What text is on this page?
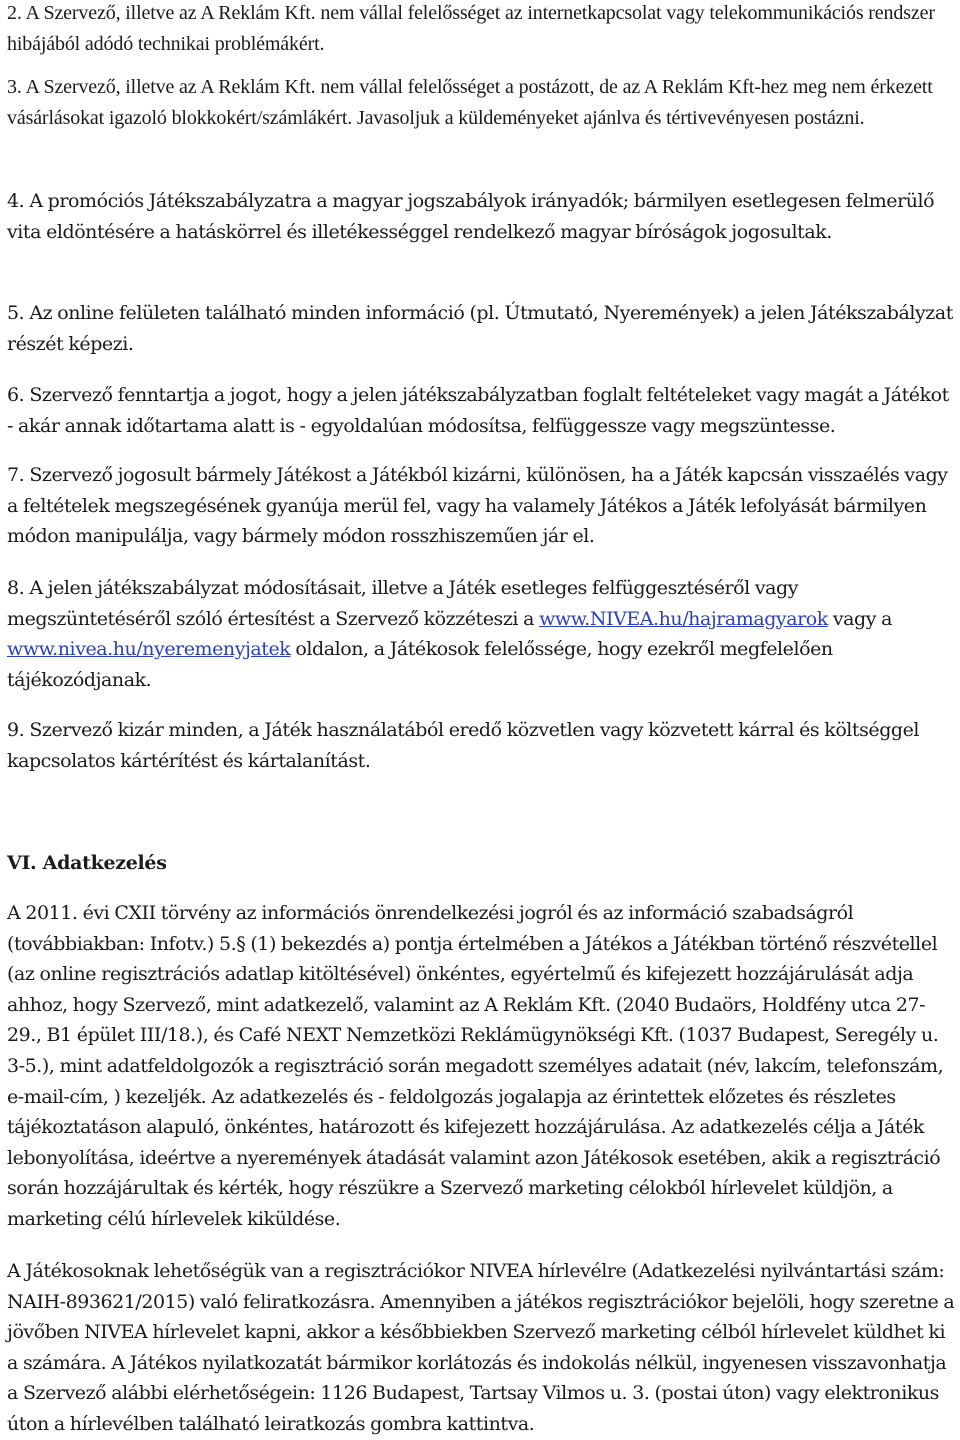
2. A Szervező, illetve az A Reklám Kft. nem vállal felelősséget az internetkapcsolat vagy telekommunikációs rendszer hibájából adódó technikai problémákért.

3. A Szervező, illetve az A Reklám Kft. nem vállal felelősséget a postázott, de az A Reklám Kft-hez meg nem érkezett vásárlásokat igazoló blokkokért/számlákért. Javasoljuk a küldeményeket ajánlva és tértivevényesen postázni.

4. A promóciós Játékszabályzatra a magyar jogszabályok irányadók; bármilyen esetlegesen felmerülő vita eldöntésére a hatáskörrel és illetékességgel rendelkező magyar bíróságok jogosultak.

5. Az online felületen található minden információ (pl. Útmutató, Nyeremények) a jelen Játékszabályzat részét képezi.

6. Szervező fenntartja a jogot, hogy a jelen játékszabályzatban foglalt feltételeket vagy magát a Játékot - akár annak időtartama alatt is - egyoldalúan módosítsa, felfüggessze vagy megszüntesse.

7. Szervező jogosult bármely Játékost a Játékból kizárni, különösen, ha a Játék kapcsán visszaélés vagy a feltételek megszegésének gyanúja merül fel, vagy ha valamely Játékos a Játék lefolyását bármilyen módon manipulálja, vagy bármely módon rosszhiszeműen jár el.

8. A jelen játékszabályzat módosításait, illetve a Játék esetleges felfüggesztéséről vagy megszüntetéséről szóló értesítést a Szervező közzéteszi a www.NIVEA.hu/hajramagyarok vagy a www.nivea.hu/nyeremenyjatek oldalon, a Játékosok felelőssége, hogy ezekről megfelelően tájékozódjanak.

9. Szervező kizár minden, a Játék használatából eredő közvetlen vagy közvetett kárral és költséggel kapcsolatos kártérítést és kártalanítást.

VI. Adatkezelés

A 2011. évi CXII törvény az információs önrendelkezési jogról és az információ szabadságról (továbbiakban: Infotv.) 5.§ (1) bekezdés a) pontja értelmében a Játékos a Játékban történő részvétellel (az online regisztrációs adatlap kitöltésével) önkéntes, egyértelmű és kifejezett hozzájárulását adja ahhoz, hogy Szervező, mint adatkezelő, valamint az A Reklám Kft. (2040 Budaörs, Holdfény utca 27-29., B1 épület III/18.), és Café NEXT Nemzetközi Reklámügynökségi Kft. (1037 Budapest, Seregély u. 3-5.), mint adatfeldolgozók a regisztráció során megadott személyes adatait (név, lakcím, telefonszám, e-mail-cím, ) kezeljék. Az adatkezelés és - feldolgozás jogalapja az érintettek előzetes és részletes tájékoztatáson alapuló, önkéntes, határozott és kifejezett hozzájárulása. Az adatkezelés célja a Játék lebonyolítása, ideértve a nyeremények átadását valamint azon Játékosok esetében, akik a regisztráció során hozzájárultak és kérték, hogy részükre a Szervező marketing célokból hírlevelet küldjön, a marketing célú hírlevelek kiküldése.

A Játékosoknak lehetőségük van a regisztrációkor NIVEA hírlevélre (Adatkezelési nyilvántartási szám: NAIH-893621/2015) való feliratkozásra. Amennyiben a játékos regisztrációkor bejelöli, hogy szeretne a jövőben NIVEA hírlevelet kapni, akkor a későbbiekben Szervező marketing célból hírlevelet küldhet ki a számára. A Játékos nyilatkozatát bármikor korlátozás és indokolás nélkül, ingyenesen visszavonhatja a Szervező alábbi elérhetőségein: 1126 Budapest, Tartsay Vilmos u. 3. (postai úton) vagy elektronikus úton a hírlevélben található leiratkozás gombra kattintva.
